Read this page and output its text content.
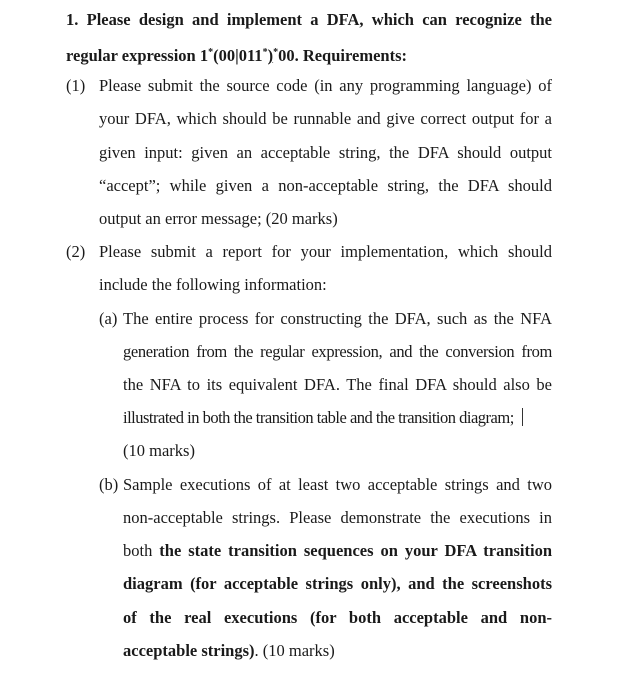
1. Please design and implement a DFA, which can recognize the
regular expression 1*(00|011*)*00. Requirements:
(1) Please submit the source code (in any programming language) of
your DFA, which should be runnable and give correct output for a
given input: given an acceptable string, the DFA should output
“accept”; while given a non-acceptable string, the DFA should
output an error message; (20 marks)
(2) Please submit a report for your implementation, which should
include the following information:
(a) The entire process for constructing the DFA, such as the NFA
generation from the regular expression, and the conversion from
the NFA to its equivalent DFA. The final DFA should also be
illustrated in both the transition table and the transition diagram;
(10 marks)
(b) Sample executions of at least two acceptable strings and two
non-acceptable strings. Please demonstrate the executions in
both the state transition sequences on your DFA transition
diagram (for acceptable strings only), and the screenshots
of the real executions (for both acceptable and non-
acceptable strings). (10 marks)
